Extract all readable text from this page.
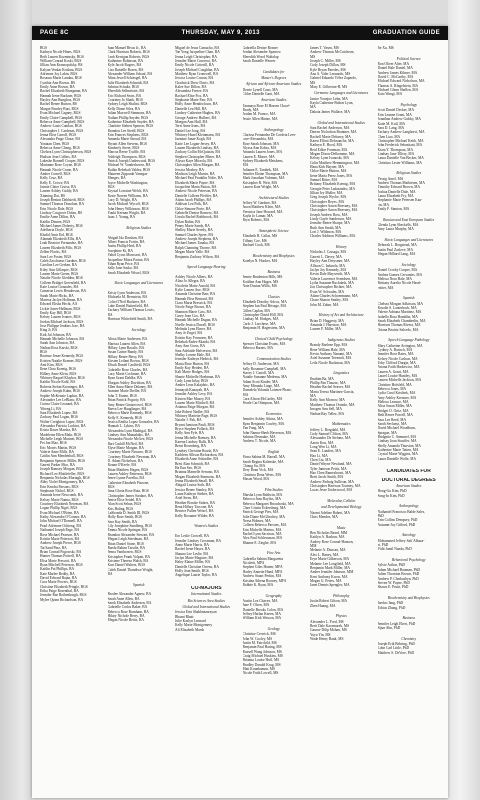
PAGE 8C	THURSDAY, MAY 9, 2013	GRADUATION GUIDE
BGS
Kathryn Nicole Hines, BGS
Beth Lauren Kozminsky, BGS
William Conrad Koski, BGS
Jillian Ann Krasnopolsky, BS
Kalyan Venkat Krishna, BGS
Adrienne Joy Lakin, BGS
Rosaura Marie Landau, BGS
Cynthia Ann Brown, BS
Emily Anne Brown, BA
Rachel Elizabeth Bruegman, BA
Hannah Irene Buckner, BGS
Hayley Ann Bungbox, BGS
Rachel Renee Burton, BS
Margot Finnley Burt, BGS
Evan Michael Cagney, BGS
Emily Claire Campbell, BGS
Rebecca Anne Campbell, BGS
Andrew Louis Cantlon, BGS
Christopher J. Cardenas, BGS
Jenna Elise Carroll, BGS
Alexandra Paige Chase, BA
Yonatan Chen, BGS
Rebecca Anne Cheng, BGS
Chelsea Lynn Christopherson, BGS
Hudson Jean Collins, BA
Lakeshe Ronnell Cooper, BGS
Marianne Rose Coyne, BGS
Hannah Nicole Crane, BA
Amber Cornell, BGS
Kelly Cruz, BA
Kelly E. Crowe, BA
Jaimie Claire Cruise, BA
Lauren Ashley Cuddy, BA
Xinming Dai, BS
Joseph Benton Dahlstedt, BGS
Samuel Thomas Donohue, BA
Erin Nicole Dale, BGS
Lindsay Cosgrove Dolan, BS
Emilie Anne Dillon, BA
Kaitlin Dinnen, BGS
Michael James Doherty, BGS
Adelheria Doyle, BGS
Khalid Amir Eid, BGS
Alannah Elizabeth Ellis, BA
Leah Beatrice Fernandez, BA
Lauren Elizabeth Fillo, BGS
Zelber Flacks, BA
Sara Lee Foster, BGS
Caleb Zacchaeus Gardner, BGS
Caroline Lee Gerken, BA
Kiley Ann Gillaspie, BGS
Lauren Marie Green, BGS
Natalie Nicole Gledden, BGS
Colleen Bridget Greenfield, BA
Kate Louise Gonzales, BA
Cameron Lewis Henderson, BA
Sarah Marie Hicks, BA
Marissa Jaclyn Hoffman, BA
Edward Elisha Hecht, AA
Lickie Jones-Hellman, BGS
Emily Kay Hill, BGS
Kelsey Lauren Ivanov, BGS
Jordan Michael Jackson, BGS
Jose Philippe Jenkins Jose, BA
King Ji, BA
Kirk Jul Johnson, BA
Hannah Michelle Johnson, BA
Sarah Ann Johnson, BA
Nathan Ross Karski, BGS
BGS
Ronisue Jenae Kennedy, BGS
Kristen Natalie Kramer, BGS
Ami Kim, BGS
Ilene Chao Koenig, BGS
Hillary Anne Klein, BGS
Whitney Raquel Klaybor, BGS
Kaitlin Nicole Kuhl, BA
Roberta Stefan Kroninger, BA
Andrew Joseph Kuhn, BGS
Sophie McKenzie Lapkin, BA
Alexander Lee LeBlanc, BA
Corina Claire Leonard, BA
Yiheng Li, BA
Sara Elizabeth Lopez, BA
Zachary Paul Logan, BGS
Walter Creighton Lopez, BGS
Alexandra Patricia Luchini, BA
Krista Dawn Marsha, BA
Madeleine Ellen Mahr, BGS
Michelle Leigh Marinet, BGS
Pei Jun Mao, BGS
Eric Morris Martin, BGS
Valerie Anne Mills, BA
Caitlin Ann Mendenhall, BGS
Benjamin Spencer Miller, BGS
Garrett Parker Moo, BA
Joseph Ramsey Morgan, BGS
Richard Lee Mottlefeller, BGS
Benjamin Nicholas Murtagh, BGS
Abby Violet Montgomery, BA
Erin Kendra Parsons, BGS
Stephanie Nichol, BGS
Amanda Irene Newcomb, BA
Kelsey Marie Nanna, BGS
Courtney Elizabeth Newman, BA
Logan Phillip Nigel, BGS
Evan Michael O'Brien, BA
Kathy Alexandra O'Connor, BA
John Michael O'Donnell, BA
Pearl Adrienne Ochieng, BA
Nathaniel Joseph Page, BA
Rose Michael Pearson, BA
Kristin Marie Peterson, BA
Andrew Joseph Pierce, BGS
Tai Sand Pinz, BA
Brian Conrad Pogowski, BA
Hunter Thomas Portrell, BA
Elisa Marie Prescott, BA
Ryan Mitchell Peterson, BGS
Kaitlin Pai Phillips, BA
Kate Marlee Reddy, BA
David Edward Rajan, BA
Cora Marie Powers, BGS
Christine Elizabeth Pringle, BGS
Erika Paige Rosenthal, BA
Jennifer Rae Rothenburgh, BGS
Mylee Quinn Richardson, BA
Juan Manuel Rivas Jr., BA
Clark Harrison Roberts, BGS
Leah Kerrigan Roberts, BGS
Katherine Robinson, BA
Kyle Jacob Rogers, BA
Lisa Danielle Rosen, BA
Alexander William Schaaf, BA
Alina Jewell Schiesgel, BA
Julie Elizabeth Schmidt, BA
Sabrina Schultz, BGS
Meredith Sellmeister, BA
Eric Richard Sears, BA
Courtney Jo Shaik, BGS
Sydney Leigh Shalini, BGS
Kelly Diane Silva, BA
Julian Maxwell Simmons, BA
Nathan Phillip Snyder, BGS
Katherine Elizabeth Snyder, BA
Charlotte Siebert Spencer, BGS
Brandon Lee Steidl, BGS
Erin Frances Stephens, BGS
Amanda Marie Stroud, BA
Bryant Allen Stevens, BGS
Kimberly Street, BGS
Marcus Reese Truffle, BA
Ashleigh Thompson, BGS
Patrick Joseph Underwood, BGS
Michael W. Vanderhoven, BA
Ruthie Rebekah Valdez, BGS
Maureen Zippurah Vanegas-
Menges, BA
Joyce Michelle Washington,
BGS
Krystal Lorraine Welch, BA
Rosie Noreen Williams, BA
Lucy D. Wright, BA
Jacob Michael Wycoff, BGS
John Henry Wilkinson, BGS
Yuuki Keenan Wright, BA
Isaac J. Young, BA

Religious Studies

Abigail Ida Darshan, BA
Albert Francis Fortin, BA
Justin Phillip Heid, BA
Josephine Ki, BA
Vahid Cyrus Moussavi, BA
Jacqueline Moira Patton, BA
Ethan Ryan Price, BA
Sally Jane Sasko, BA
Sarah Elizabeth Wissel, BGS

Slavic Languages and Literatures

Kristy Lynn Anderson, BA
Michaela M. Bernstein, BA
Colin O'Neil Buckner, BA
Luke Daniel Butterfield, BA
Zachary William Thomas Lewis,
BA
Harrison Whitefield Smith, BA

Sociology

Alissa Marie Andersen, BA
Marissa Lauren Allen, BA
Hillary Lynn Bacalis, BA
Susan Carine Bandy, BA
Hillary Renee Berry, BA
Kirsten Leilani Brown, BGS
Micah Daniel Caulfield, BGS
Gabrielle Rose Charles, BA
Lucy Marie Cochrane, BA
Ryan Grant Dahlke, BA
Morgan Ashley Davidson, BA
Ellen Anna Marie Delaney, BA
Jasmine Marie Dreller, BA
John T. Ennen, BGS
Brian Patrick Fogarty, BA
Amy Renee Gintzecovel, BGS
Raeva Lee Hauglinger, BA
Rebecca Marie Kennedy, BGS
Kelly E. Kennedy, BGS
Jessica Emilia Lopez Gonzalez, BA
Hannah L. Lykins, BA
Alexandria Lynn Madrigal, BA
Lindsey Ann Mamalakis, BA
Alexandra Nicole McGee, BGS
Bart Cashill McNeil, BA
Elyse Marie Morgan, BA
Courtney Marie Navarro, BGS
Courtney Elizabeth Newman, BA
D. Adam Nicholson, BA
Ronan O'Keefe, BA
Brian Matthew Hagen, BGS
Lauren Ashley Patterson, BGS
Jenee Lynne Pavelka, BA
Catherine Elizabeth Pizzone,
BGS
Irma Gloria Rose Ruiz, BGS
Christopher James Sardaro, BA
Jenise Elise Seidel, BA
Alan Scott Sehan, BGS
Kris Haling, BGS
LaShonda D. Smith III, BGS
Holly Rose Smith, BGS
Sara Kay Smith, BA
Lily Josephine Sundberg, BGS
Emma Nicole Springer, BA
Brandon Alexander Stewart, BA
Megan Leigh Steedman, BA
Brian Daniel Stone, BGS
Raeda Rahim Taeulie, BA
Jenna Vanthorsen, BGS
Kristopher Frank Volpatt, BA
Kristene Theresa Walsh, BA
Kurt Daniel Walters, BGS
Caleb Daniel Thandiwe Wright,
BA

Spanish

Brodee Alexander Agnew, BA
Sarah Anne Allen, BA
Sarah Elizabeth Andersen, BA
Gabrielle Carlos Baker, BA
Rebecca Rose Burnham, BA
Hilary Nichole Berry, BA
Megan Nicole Bettis, BA
Miguel de Jesus Camacho, BA
Tae Yong Jacqueline Chan, BA
Jenna Leigh Christopher, BA
Jennifer Marie Concessi, BA
Emily Nicole Cotterill, BA
Joseph Michael Coughlan, BA
Matthew Ryan Cromwell, BA
Jessica Louise Curran, BA
Chadwick Drew Davis, BA
Kalee Sue Dillon, BA
Alexandria Freeze, BA
Rachael Elise Fox, BA
Stephanie Marie Farr, BA
Holly Anne Hendrickson, BA
Danielle Lea Hill, BA
Lindsey Catherine Hughes, BA
George Andrew Hulbert, BA
Maegan Ann Hull, BA
Terri Anne Irons, BA
Daniel Lee Jong, BA
Whitney Hazel Kleinmann, BA
Jazmine Janae Kogh, BA
Katie Lee Logan-Jersey, BA
Lauren Elizabeth Lindsay, BA
Zachary Collin McQuistan, BA
Stephen Christopher Miner, BA
Alyssa Kaye Mirzola, BA
Christopher Allen Morgan, BA
Jessica Mosbey, BA
Madison Leigh Murrin, BA
Michael Paul Franklin Nolte, BA
Elizabeth Marie Payne, BA
Jacqueline Maria Patton, BA
Andrew Nicole Peterson, BA
Danielle Colleen Pfeiffer, BA
Adam Jacob Phillips, BA
Addison Lea Polk, BA
Chloe Simone Porte, BA
Gabrielle Denise Romero, BA
Ursula Rachel Rothbrook, BA
Dylan Rubin, BA
Penny Marie Sandy, BA
Shelley Marie Seredy, BA
Samuel Charles Speer, BA
Andrew Joseph Stephens, BA
Michael James Tanaka, BA
Ralph Channing Thorne, BA
Megan Marie Valle, BA
Benjamin Zachary Wilson, BA

Speech Language Hearing

Ashley Nicole Albers, BA
Aliza Jo Allegra, BA
Nicolette Marie Arnold, BA
Kylie Lauren Aue, BGS
Amanda Christine Barr, BA
Hannah Elise Bernard, BA
Ciara Maria Bressick, BA
Nicole Paige Brown, BA
Shannon Marie Cass, BA
Casey Jean Cox, BA
Hannah Michelle Dugan, BA
Noelle Jessica Duvall, BGS
Melinda Lynn Elmer, BA
Amy Jo Engel, BA
Kristin Kay Fosmoen, BA
Rebekah Endes-Ekanki, BA
Amy Ann Gross, BA
Sara Adelaide Halverson, BA
Shelby Lorene Hale, BA
Jennifer Kathryn Hedrick, BA
Maria Rose Hutton, BA
Emily Kay Heiden, BA
Kali Marie Hodges, BA
Shanie Michelle Hoekman, BA
Carly Lynn Inlay, BGS
Amber Leon Kalajdzic, BA
Jennayah Kanayah, BA
Jennifer Ashley Levy, BA
Kirsten Mae Maxey, BA
Lauren Marie Mitchell, BA
Arianna Paige Morgan, BA
Jake Robert Nadler, BA
Whitney Mariette Page, BGS
Natalie J. Pak, BA
Bryant Jamison Pauli, BGS
Bryce Stephen Pollack, BA
Kelly Ann Pyle, BA
Jenna Michelle Ramsey, BA
Karena Lindsey Ralls, BA
Brent Rosenberg, BA
Lyndsey Christine Roush, BA
Kathleen Allison Richardson, BA
Elizabeth Anne Schindler, BA
Brett Alan Schmidt, BA
Ha Eun Seo, BGS
Brianna Marnelle Serrano, BA
Megan Elizabeth Simmons, BA
Jenna Elizabeth Small, BA
Abigail Louise Soth, BA
Jessica Renee Stanley, BA
Laura Kathryn Steiber, BA
Ariel Stern, BA
Heather Brooke Stokes, BA
Rena Hillary Taccone, BA
Bernice Pullen Weisel, BA
Kelly Roxanne Wilder, BA

Women's Studies

Ero Leslie Crowell, BA
Jennifer Lindsey Crossman, BA
Anne Marie Harris, BA
Rachel Irene Hayes, BA
Shauna Lee Leslie, BA
Jaclyn Marie Maguire, BA
Haley Elaine Miller, BA
Danielle Christine Owens, BA
Holly Jean Smith, BGS
Angelique Laurie Taylor, BA

CO-MAJORS
International Studies
Bio Sciences Area Studies
Global and International Studies
Jessica Erin Shakhnazarayan
Bhumi Bhatt
Julie Kaslyn Leonard
Kelly Marie Montgomery
Ali Elizabeth Marsh
Gabriella Denise Rosner
Jordan Alexander Sparrow
Meredith Wood Waltzlap
Sarah Danielle Weaver

Candidates for
Master's Degrees
African and African-American Studies
Dorrie Lynell Cano, MA
Chloe Danielle Gant, MA
American Studies
Tanmaya Rose El Hassen Chacé-
Brady, MA
Jordan M. Franco, MA
Jessie Allen Hintze, MA

Anthropology
Clarissa Fernandez De Cordeia Lees-
cure-Alexandria, MA
Rose Sarah Johnson, MA
Alyssa Ann Kobia, MA
Amanda Lauren Jones, MA
Lauren E. Moore, MA
Sydney Elizabeth Meiskens,
MA
Julianne E. Tarabek, MA
Jennifer Elaine Thompson, MA
Mark Jonathan Vukman, MA
Kristopher R. Weir, MA
Lauren Kate Wright, MA

Architectural Studies
Jeffrey W. Gardner, BA
Jason Matthew Klein, MA
Veronica Jane Howard, MA
Kayla Jo Lamar, MA
Bryn Roberts, MA

Atmospheric Science
Elizabeth R. Callas, MS
Tiffany Coe, MS
Rachael Cook, MS

Biochemistry and Biophysics
Katelyn N. Hooker, MA

Business
Jennie Bradenton Hills, MS
Kaitlinn Ann Huges, MS
Nate Dustan Willis, MS

Classics
Elizabeth Dorothy Adcox, MA
Stephen Ian Paul Brisage, MA
Gillen Caplan, MA
Christopher David Hill, MA
Lindsay M. Hodges, MA
Carlo J. Lucchese, MA
Benjamin H. Hagerstein, MA

Clinical Child Psychology
Spencer Christian Evans, MA
Rebecca Barnes, MA

Communication Studies
Jeffrey D. Anderson, MA
Sally Roxanne Campbell, MA
Stacey J. Carroll, MA
Natalie Suzanne Medema, MA
Adam Scott Kinder, MA
Amy Miranda Linge, MA
Dumelela Yolanda Lotenee Phase,
MA
Cara Alison McCarthy, MA
Pearle Carl Simpson, MA

Economics
Jennifer Ashley Atkins, MA
Ryan Benjamin Cowley, MA
Yan Fang, MA
John Nanna-Sherk Haverson, MA
Sabrina Desmuke, MA
Andrew T. Nicole, MA

English
Fiona Sabina M. Barrall, MA
Sarah Regina Kalenske, MA
Chiang Su, MA
Dery Dean Vick, MA
Christina Dona Weiss, MA
Mason Wood, MA

Film Studies
Marsha Lynn Baldwin, MA
Rebecca Jean Bayliss, MA
Rebecca Margaret Brouchoski, MA
Clare Cristin Eckersburg, MA
Patrick George Pies, MA
Julie Diane McGlinchey, MA
Nessa Holmes, MA
Colleen Rebecca Parsons, MA
Erin Michelle Marino, MA
Rachel Lynn Sacrison, MA
Alex Paul Schlessman, MA
Rhanne E. Ziegler, MA

Fine Arts
Gabriella Sabina Margaretta
Nicoletti, MFA
Stephen Giles Hunter, MFA
Harley Annette Hand, MFA
Andrew Stuart Perkin, MA
Kristina Athena Rooney, MFA
Robbie K. Ryan, MA

Geography
Austin Lea Chavez, MA
Jane F. Olsen, MA
Danielle Brooks Colon, MA
Jeffrey Harlan Kneen, MA
William Kirk Wasson, MA

Geology
Christine Cerwick, MS
John W. Cooley, MS
Justin M. Fairchild, MS
Benjamin Paul Haring, MS
Russell Wang Johnson, MS
Craig Michael Huskins, MS
Brianna Louise Huff, MS
Bradley Donald Krug, MS
Matt Kounkamon, MS
Nicole Faith Lowell, MS
James T. Vasen, MS
Andrew Thomas McCutcheon,
MS
Joseph C. Miller, MS
Cody Joseph Dillon, MS
Kyle Bryan Paredes, MS
Ana A. Valer Leonardo, MS
Gabriel Eduardo Vélez Zapardo,
MS
Mary E. Gilberton-H, MS
Germanic Languages and Literatures
Janice Yoonjoo Lehn, MA
Kayla Catherine Bolton Lyon,
MA
Dakota James Wallace, MA

Global and International Studies
Sara Rachel Anderson, MA
Darren Nicholson Brantner, MA
Rachell Marie Deloney, MA
Karen Elliott Delosanche, MA
Kathryn E. Hood, MA
Reid Edloe Foreman, MA
Megan Dixon-Delhomme, MA
Kelsey Lynn Ivanoski, MA
Colin Matthew Hemmingson, MA
Hana Kirk Hayner, MA
Chloe Marie Hutton, MA
Irene Maria Perez Jones, MA
Samuel Ritter, MA
Brittany Elizabeth Koenig, MA
Georgie Peter Ladasandro, MA
Jillian Ivy Muller, MA
Greg Joseph Wyche, MA
Christopher Reyes, MA
Christopher Aaron Rezvany, MA
Christopher Aaron Rezvany, MA
Joseph Andrew Ross, MA
Lindy Gayle Sanderson, MA
Jennifer Renee Sharpe, MA
Ruth Ann Smith, MA
Lori J. Wildmon, MA
Charles Addison Williams, MA

History
Nicholas J. Cassaga, MA
Garrett L. Davey, MA
Hayley Ann Dreysmer, MA
Allison C. Iadarola, MA
Jaclyn Joy Kennedy, MA
Kevin Dale Mayworth, MA
Valerie Lawrence Svendsen, MA
Lydia Suzanne Ruckdash, MA
Jon Christopher Richter, MA
Evan W. Schwalm, MA
Adam Charles Schoenmann, MA
Chase Sharon Smiley, MA
John M. Zahm, MA

History of Art and Architecture
Brian D. Haggerty, MA
Amanda J. Harrison, MA
Lauren F. Miller, MA

Indigenous Studies
Brandy Raelene Epp, MA
Rene William Hale, MA
Kevin Anthony Nanami, MA
Ariel Susanne Tetreault, MA
Leila Nicole Ruckman, MA

Linguistics
Ibrahim Ba, MA
Phillip Pan Tlauzac, MA
Heather Rachel Seaver, MA
Maria Teresa Martinez-Garcia,
MA
Kelly Ann Morrow, MA
Matthew Thomas Orondo, MA
Imogen Ann Sell, MA
Nathan Ray Tellez, MA

Mathematics
Jeffrey L. Bergdahl, MA
Cody Samuel Clifton, MA
Alessandro De Stefano, MA
Aaron Kou, MA
Long Wen Li, MA
Sean E. Landers, MA
Hao Li, MA
Chen Liu, MA
Daniel Wayne Newland, MA
Tyler Jamison Pettis, MA
Hao Chen Rameshwari, MA
Brett Jacob Smith, MA
Andrew Padraig Sullivan, MA
Christopher Harrison Tourney, MA
Lucas Jesse Underwood, MA

Molecular, Cellular
and Developmental Biology
Naomi Adeline Baheri, MA
Chris Mendez, MA

Music
Ben Nicholas Beard, MM
Kaitlyn A. Bashaw, MA
Audrey Rose Conrad-Hanson,
MM
Melanie A. Duncan, MA
Alex L. Haney, MA
Eryn Marie Gilkerson, MA
Melanie Lee Longfield, MA
Benjamin Mark Miller, MA
Amber Jennifer Johnson, MM
Kent Anthony Kwon, MA
Megan G. Peters, MA
Janet Dennis Spengler, MA

Philosophy
Justin Robert Gilson, MA
Zhen Huang, MA

Physics
Alexander L. Ford, MS
Brett Dale Kaczmarek, MS
Gaurav Dilip Mohan, MS
Yuyu Yin, MS
Wade Henry Bank, MS
Jie Xu, MS

Political Science
Ron Oliver Alter, MA
Daniel Hale Daniel, MA
Andrew James Kilmer, MA
David C. McCarthy, MA
Michael Edward Nicholson, MA
Thomas A. Ringelstein, MA
Michael Glenn Shellen, MA
Kato Wangi, MA

Psychology
Scott Daniel Decker, MA
Erin Leanne Grant, MA
Jonathan Andrew Galsky, MA
Katie M. Kull, MA
Sara D. Lang, MA
Zachary Andrew Langhorst, MA
Chen Liao, MA
Christopher Michael Keith, MA
John Frederick Sebastiani, MA
Kiara Y. Thompson, MA
Lindsay Jane Tillery, MA
Laura Danielle Van Becker, MA
Christina Lester Williams, MA

Religious Studies
Yessig Arnel, MA
Andrew Thomas Mathiesen, MA
Timothy Edward Brown, MA
Joshua Danielle Dale, MA
Laura Elizabeth Fry, MA
Stephanie Marie Petersen Kau-
rin, MA
Emily F. Stanton, MA

Russian and East European Studies
Glenda Lynn Sheckells, MA
Amy Laura Murphy, MA

Slavic Languages and Literatures
Deborah L. Borgstead, MA
Justin Paul Zaslove, MA
Megan Hilliard Lang, MA

Sociology
Daniel Crosby Cooper, MA
Andrea Gomez Cervantes, MA
Melissa Nora Hale, MA
Brittany Aurelia Nicole Hasel-
reitter, MA

Spanish
Chelsea Morgan Adkisson, MA
Rosalie S. Lauterbach, MA
Valerie Adriana Martinez, MA
Isabella Rosa Hamblin, MA
Sarah Elizabeth Chamberlin, MA
Harrison Thomas Rivera, MA
Oriana Beatriz Salcedo, MA

Speech Language Pathology
Mary Catherine Arrington, MA
Cydney A. Bartsch, MA
Jennifer Rose Bates, MA
Kelsey Nicole Carlson, MA
Toby Clifford Durgin, MA
Ariana Faith Harkewicz, MA
Lauren A. Grant, MA
Laurel Louise Huntley, MA
Lauren Michelle Jackson, MA
Christine Hofsfeld, MA
Rebecca Jones, MA
Lydia Carol Kristbek, MA
Amy Ashley Kretsner, MA
Melissa Leasure, MA
Alisa Susan Miller, MA
Bridget O. Ortiz, MA
Beth Renee Purcell, MA
Sara Lee Reed, MA
Sarah Sevlanyi, MA
David Michael Woodburn,
Sprague, MA
Bridgette C. Stemmel, MA
Lindsay Joan Stouffer, MA
Shelly Amanda Thurston, MA
Katherine Marie Tatten, MA
Crystal Marie Wiggins, MA
Laura Danielle Wolfe, MA

CANDIDATES FOR
DOCTORAL DEGREES
American Studies
Hong-Gu Kim, PhD
Song-In Kim, PhD

Anthropology
Nathaniel Francisco Balde Sales,
PhD
Erin Collins Dempsey, PhD
Autumn-Joy Gifford, PhD

Astrology
Mohammed Jeffrey Saif Alhaza-
zi, PhD
Vidit Jamil Nanda, PhD

Behavioral Psychology
Sylvie Arthur, PhD
Adam Michael Bauman, PhD
Julien Thornton Brown, PhD
Andrew P. Cherkashyn, PhD
Steven W. Payne, PhD
Shawn E. Pruitt, PhD

Biochemistry and Biophysics
Jaedoo Jang, PhD
Tobias Zhang, PhD

Business
Jennifer Leigh Ebert, PhD
Sijun Ahn, PhD

Chemistry
Joseph Erik Behring, PhD
Lohn Carl Little, PhD
Matthew S. DeVore, PhD
